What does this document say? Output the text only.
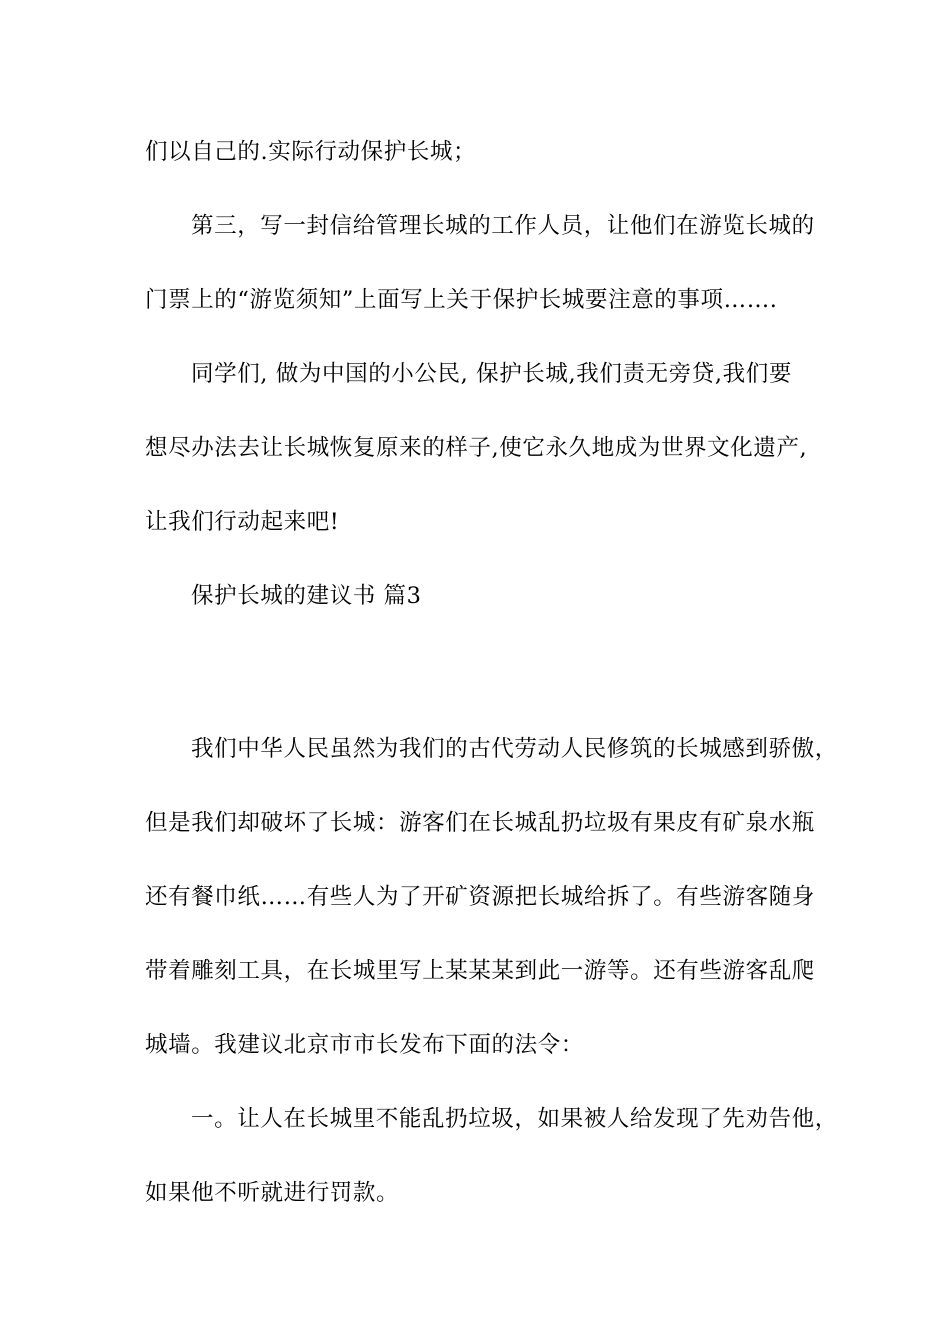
们以自己的.实际行动保护长城；
第三，写一封信给管理长城的工作人员，让他们在游览长城的
门票上的“游览须知”上面写上关于保护长城要注意的事项…….
同学们, 做为中国的小公民, 保护长城,我们责无旁贷,我们要
想尽办法去让长城恢复原来的样子,使它永久地成为世界文化遗产,
让我们行动起来吧!
保护长城的建议书 篇3
我们中华人民虽然为我们的古代劳动人民修筑的长城感到骄傲，
但是我们却破坏了长城：游客们在长城乱扔垃圾有果皮有矿泉水瓶
还有餐巾纸……有些人为了开矿资源把长城给拆了。有些游客随身
带着雕刻工具，在长城里写上某某某到此一游等。还有些游客乱爬
城墙。我建议北京市市长发布下面的法令：
一。让人在长城里不能乱扔垃圾，如果被人给发现了先劝告他，
如果他不听就进行罚款。
